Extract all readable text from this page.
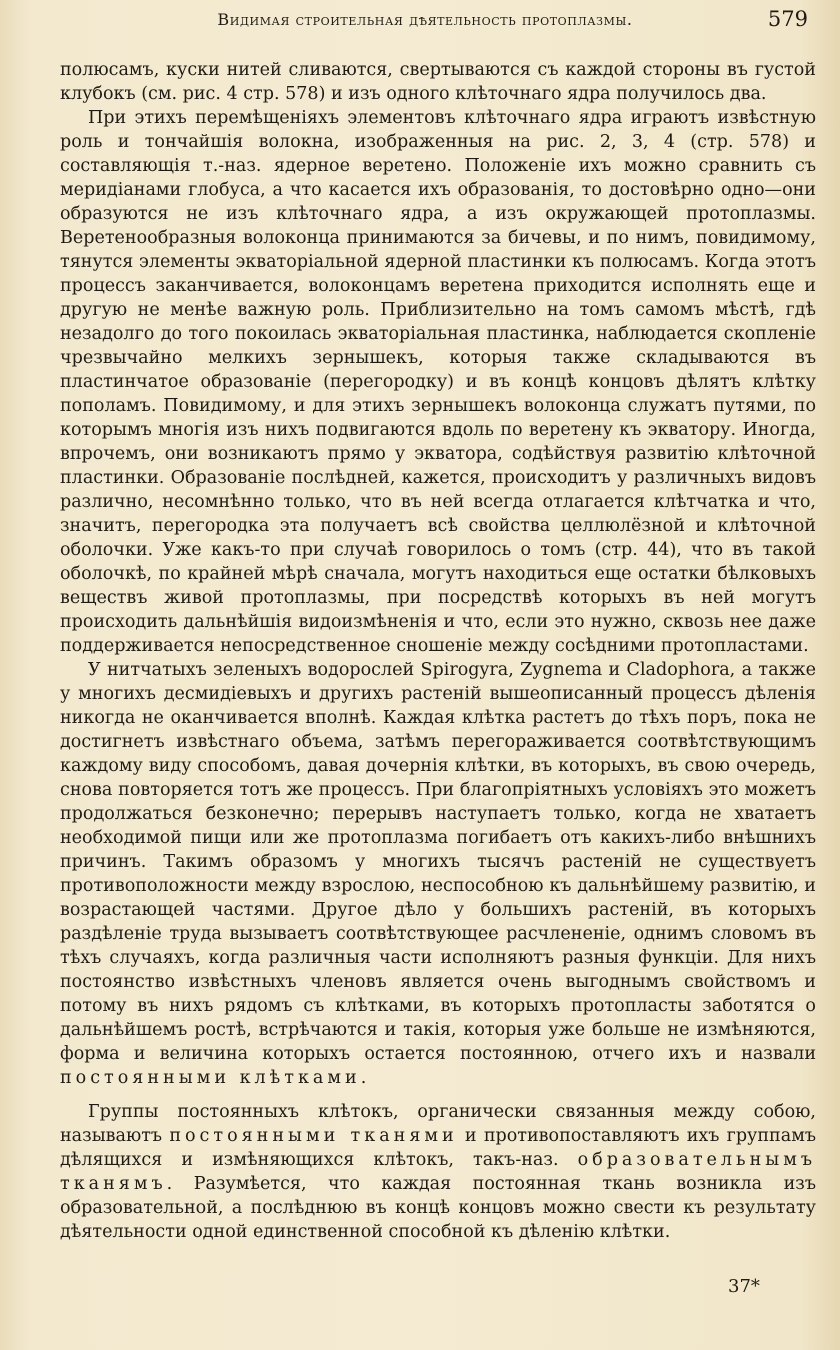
Видимая строительная дѣятельность протоплазмы.	579

полюсамъ, куски нитей сливаются, свертываются съ каждой стороны въ густой клубокъ (см. рис. 4 стр. 578) и изъ одного клѣточнаго ядра получилось два.

При этихъ перемѣщеніяхъ элементовъ клѣточнаго ядра играютъ извѣстную роль и тончайшія волокна, изображенныя на рис. 2, 3, 4 (стр. 578) и составляющія т.-наз. ядерное веретено. Положеніе ихъ можно сравнить съ меридіанами глобуса, а что касается ихъ образованія, то достовѣрно одно—они образуются не изъ клѣточнаго ядра, а изъ окружающей протоплазмы. Веретенообразныя волоконца принимаются за бичевы, и по нимъ, повидимому, тянутся элементы экваторіальной ядерной пластинки къ полюсамъ. Когда этотъ процессъ заканчивается, волоконцамъ веретена приходится исполнять еще и другую не менѣе важную роль. Приблизительно на томъ самомъ мѣстѣ, гдѣ незадолго до того покоилась экваторіальная пластинка, наблюдается скопленіе чрезвычайно мелкихъ зернышекъ, которыя также складываются въ пластинчатое образованіе (перегородку) и въ концѣ концовъ дѣлятъ клѣтку пополамъ. Повидимому, и для этихъ зернышекъ волоконца служатъ путями, по которымъ многія изъ нихъ подвигаются вдоль по веретену къ экватору. Иногда, впрочемъ, они возникаютъ прямо у экватора, содѣйствуя развитію клѣточной пластинки. Образованіе послѣдней, кажется, происходитъ у различныхъ видовъ различно, несомнѣнно только, что въ ней всегда отлагается клѣтчатка и что, значитъ, перегородка эта получаетъ всѣ свойства целлюлёзной и клѣточной оболочки. Уже какъ-то при случаѣ говорилось о томъ (стр. 44), что въ такой оболочкѣ, по крайней мѣрѣ сначала, могутъ находиться еще остатки бѣлковыхъ веществъ живой протоплазмы, при посредствѣ которыхъ въ ней могутъ происходить дальнѣйшія видоизмѣненія и что, если это нужно, сквозь нее даже поддерживается непосредственное сношеніе между сосѣдними протопластами.

У нитчатыхъ зеленыхъ водорослей Spirogyra, Zygnema и Cladophora, а также у многихъ десмидіевыхъ и другихъ растеній вышеописанный процессъ дѣленія никогда не оканчивается вполнѣ. Каждая клѣтка растетъ до тѣхъ поръ, пока не достигнетъ извѣстнаго объема, затѣмъ перегораживается соотвѣтствующимъ каждому виду способомъ, давая дочернія клѣтки, въ которыхъ, въ свою очередь, снова повторяется тотъ же процессъ. При благопріятныхъ условіяхъ это можетъ продолжаться безконечно; перерывъ наступаетъ только, когда не хватаетъ необходимой пищи или же протоплазма погибаетъ отъ какихъ-либо внѣшнихъ причинъ. Такимъ образомъ у многихъ тысячъ растеній не существуетъ противоположности между взрослою, неспособною къ дальнѣйшему развитію, и возрастающей частями. Другое дѣло у большихъ растеній, въ которыхъ раздѣленіе труда вызываетъ соотвѣтствующее расчлененіе, однимъ словомъ въ тѣхъ случаяхъ, когда различныя части исполняютъ разныя функціи. Для нихъ постоянство извѣстныхъ членовъ является очень выгоднымъ свойствомъ и потому въ нихъ рядомъ съ клѣтками, въ которыхъ протопласты заботятся о дальнѣйшемъ ростѣ, встрѣчаются и такія, которыя уже больше не измѣняются, форма и величина которыхъ остается постоянною, отчего ихъ и назвали постоянными клѣтками.

Группы постоянныхъ клѣтокъ, органически связанныя между собою, называютъ постоянными тканями и противопоставляютъ ихъ группамъ дѣлящихся и измѣняющихся клѣтокъ, такъ-наз. образовательнымъ тканямъ. Разумѣется, что каждая постоянная ткань возникла изъ образовательной, а послѣднюю въ концѣ концовъ можно свести къ результату дѣятельности одной единственной способной къ дѣленію клѣтки.

37*
